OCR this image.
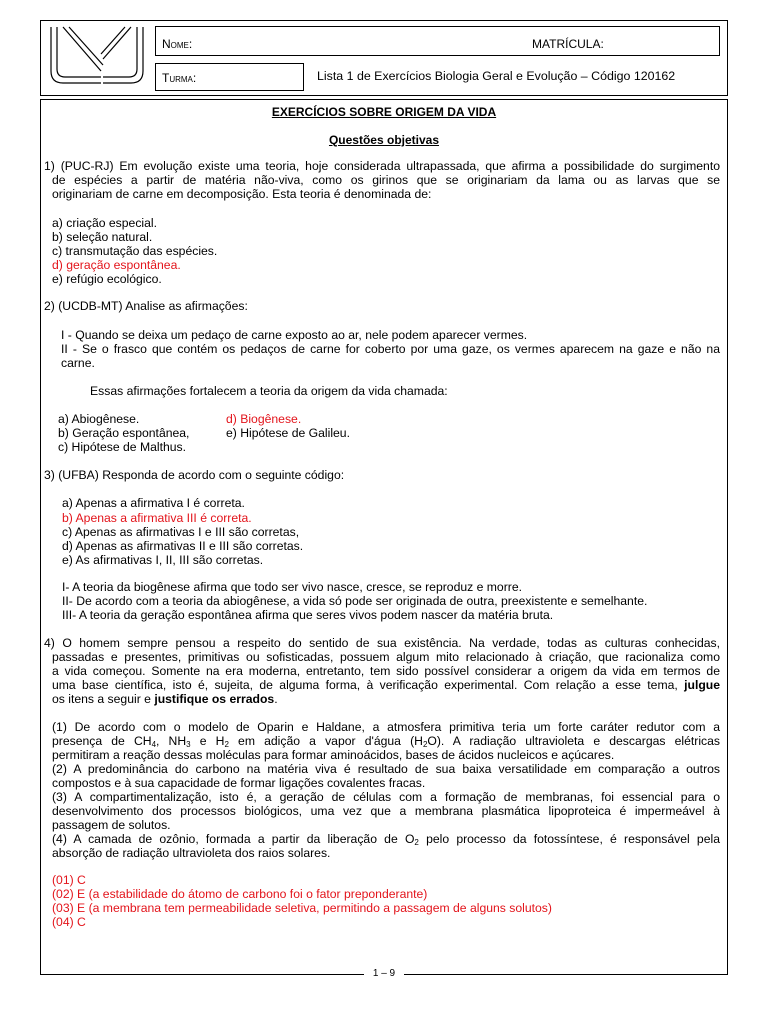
Nome:	MATRÍCULA:
Turma:	Lista 1 de Exercícios Biologia Geral e Evolução – Código 120162
EXERCÍCIOS SOBRE ORIGEM DA VIDA
Questões objetivas
1) (PUC-RJ) Em evolução existe uma teoria, hoje considerada ultrapassada, que afirma a possibilidade do surgimento
de espécies a partir de matéria não-viva, como os girinos que se originariam da lama ou as larvas que se
originariam de carne em decomposição. Esta teoria é denominada de:
a) criação especial.
b) seleção natural.
c) transmutação das espécies.
d) geração espontânea.
e) refúgio ecológico.
2) (UCDB-MT) Analise as afirmações:
I - Quando se deixa um pedaço de carne exposto ao ar, nele podem aparecer vermes.
II - Se o frasco que contém os pedaços de carne for coberto por uma gaze, os vermes aparecem na gaze e não na
carne.
Essas afirmações fortalecem a teoria da origem da vida chamada:
a) Abiogênese.	d) Biogênese.
b) Geração espontânea,	e) Hipótese de Galileu.
c) Hipótese de Malthus.
3) (UFBA) Responda de acordo com o seguinte código:
a) Apenas a afirmativa I é correta.
b) Apenas a afirmativa III é correta.
c) Apenas as afirmativas I e III são corretas,
d) Apenas as afirmativas II e III são corretas.
e) As afirmativas I, II, III são corretas.
I- A teoria da biogênese afirma que todo ser vivo nasce, cresce, se reproduz e morre.
II- De acordo com a teoria da abiogênese, a vida só pode ser originada de outra, preexistente e semelhante.
III- A teoria da geração espontânea afirma que seres vivos podem nascer da matéria bruta.
4) O homem sempre pensou a respeito do sentido de sua existência. Na verdade, todas as culturas conhecidas,
passadas e presentes, primitivas ou sofisticadas, possuem algum mito relacionado à criação, que racionaliza como
a vida começou. Somente na era moderna, entretanto, tem sido possível considerar a origem da vida em termos de
uma base científica, isto é, sujeita, de alguma forma, à verificação experimental. Com relação a esse tema, julgue
os itens a seguir e justifique os errados.
(1) De acordo com o modelo de Oparin e Haldane, a atmosfera primitiva teria um forte caráter redutor com a
presença de $CH_4$, $NH_3$ e $H_2$ em adição a vapor d'água $(H_2O)$. A radiação ultravioleta e descargas elétricas
permitiram a reação dessas moléculas para formar aminoácidos, bases de ácidos nucleicos e açúcares.
(2) A predominância do carbono na matéria viva é resultado de sua baixa versatilidade em comparação a outros
compostos e à sua capacidade de formar ligações covalentes fracas.
(3) A compartimentalização, isto é, a geração de células com a formação de membranas, foi essencial para o
desenvolvimento dos processos biológicos, uma vez que a membrana plasmática lipoproteica é impermeável à
passagem de solutos.
(4) A camada de ozônio, formada a partir da liberação de $O_2$ pelo processo da fotossíntese, é responsável pela
absorção de radiação ultravioleta dos raios solares.
(01) C
(02) E (a estabilidade do átomo de carbono foi o fator preponderante)
(03) E (a membrana tem permeabilidade seletiva, permitindo a passagem de alguns solutos)
(04) C
1 – 9
